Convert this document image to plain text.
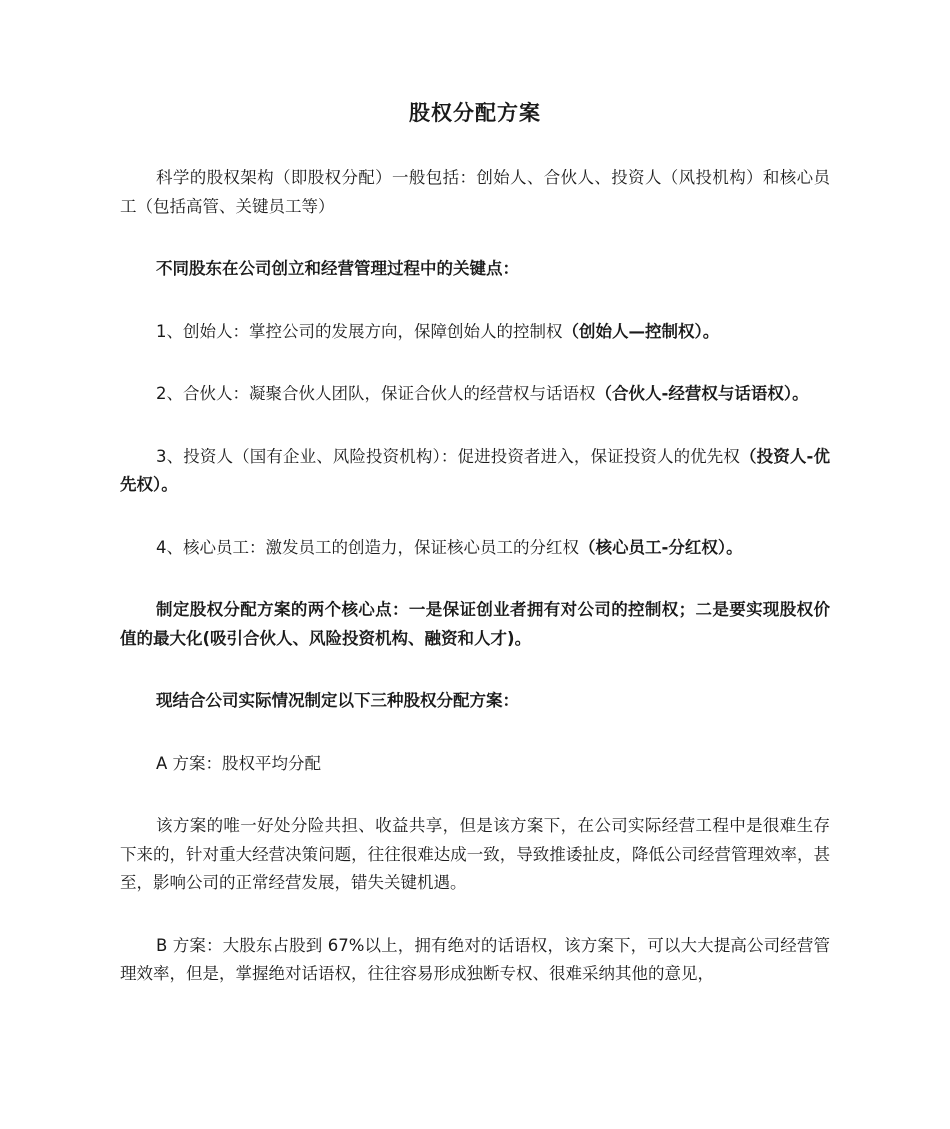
股权分配方案

科学的股权架构（即股权分配）一般包括：创始人、合伙人、投资人（风投机构）和核心员工（包括高管、关键员工等）

不同股东在公司创立和经营管理过程中的关键点：

1、创始人：掌控公司的发展方向，保障创始人的控制权（创始人—控制权）。

2、合伙人：凝聚合伙人团队，保证合伙人的经营权与话语权（合伙人-经营权与话语权）。

3、投资人（国有企业、风险投资机构）：促进投资者进入，保证投资人的优先权（投资人-优先权）。

4、核心员工：激发员工的创造力，保证核心员工的分红权（核心员工-分红权）。

制定股权分配方案的两个核心点：一是保证创业者拥有对公司的控制权；二是要实现股权价值的最大化(吸引合伙人、风险投资机构、融资和人才)。

现结合公司实际情况制定以下三种股权分配方案：

A 方案：股权平均分配

该方案的唯一好处分险共担、收益共享，但是该方案下，在公司实际经营工程中是很难生存下来的，针对重大经营决策问题，往往很难达成一致，导致推诿扯皮，降低公司经营管理效率，甚至，影响公司的正常经营发展，错失关键机遇。

B 方案：大股东占股到 67%以上，拥有绝对的话语权，该方案下，可以大大提高公司经营管理效率，但是，掌握绝对话语权，往往容易形成独断专权、很难采纳其他的意见，
